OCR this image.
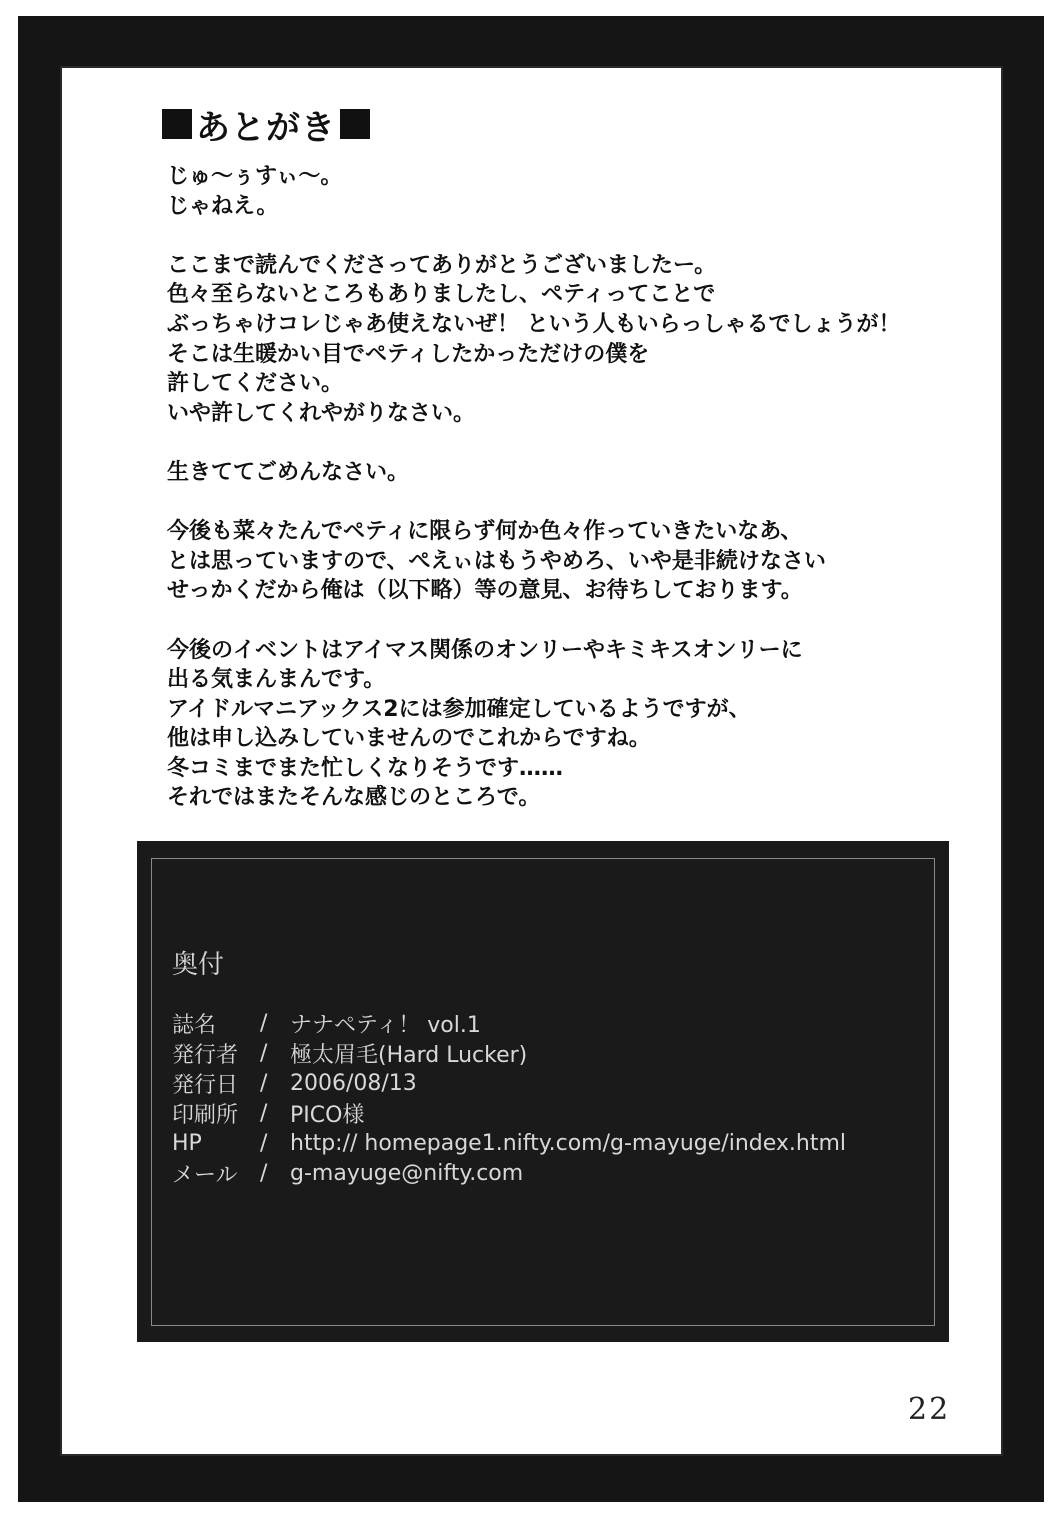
あとがき
じゅ〜ぅすぃ〜。
じゃねえ。
ここまで読んでくださってありがとうございましたー。
色々至らないところもありましたし、ペティってことで
ぶっちゃけコレじゃあ使えないぜ！ という人もいらっしゃるでしょうが！
そこは生暖かい目でペティしたかっただけの僕を
許してください。
いや許してくれやがりなさい。
生きててごめんなさい。
今後も菜々たんでペティに限らず何か色々作っていきたいなあ、
とは思っていますので、ぺえぃはもうやめろ、いや是非続けなさい
せっかくだから俺は（以下略）等の意見、お待ちしております。
今後のイベントはアイマス関係のオンリーやキミキスオンリーに
出る気まんまんです。
アイドルマニアックス2には参加確定しているようですが、
他は申し込みしていませんのでこれからですね。
冬コミまでまた忙しくなりそうです……
それではまたそんな感じのところで。
奥付
誌名	/	ナナペティ！ vol.1
発行者 /	極太眉毛(Hard Lucker)
発行日 /	2006/08/13
印刷所 /	PICO様
HP	/	http:// homepage1.nifty.com/g-mayuge/index.html
メール	/	g-mayuge@nifty.com
22
